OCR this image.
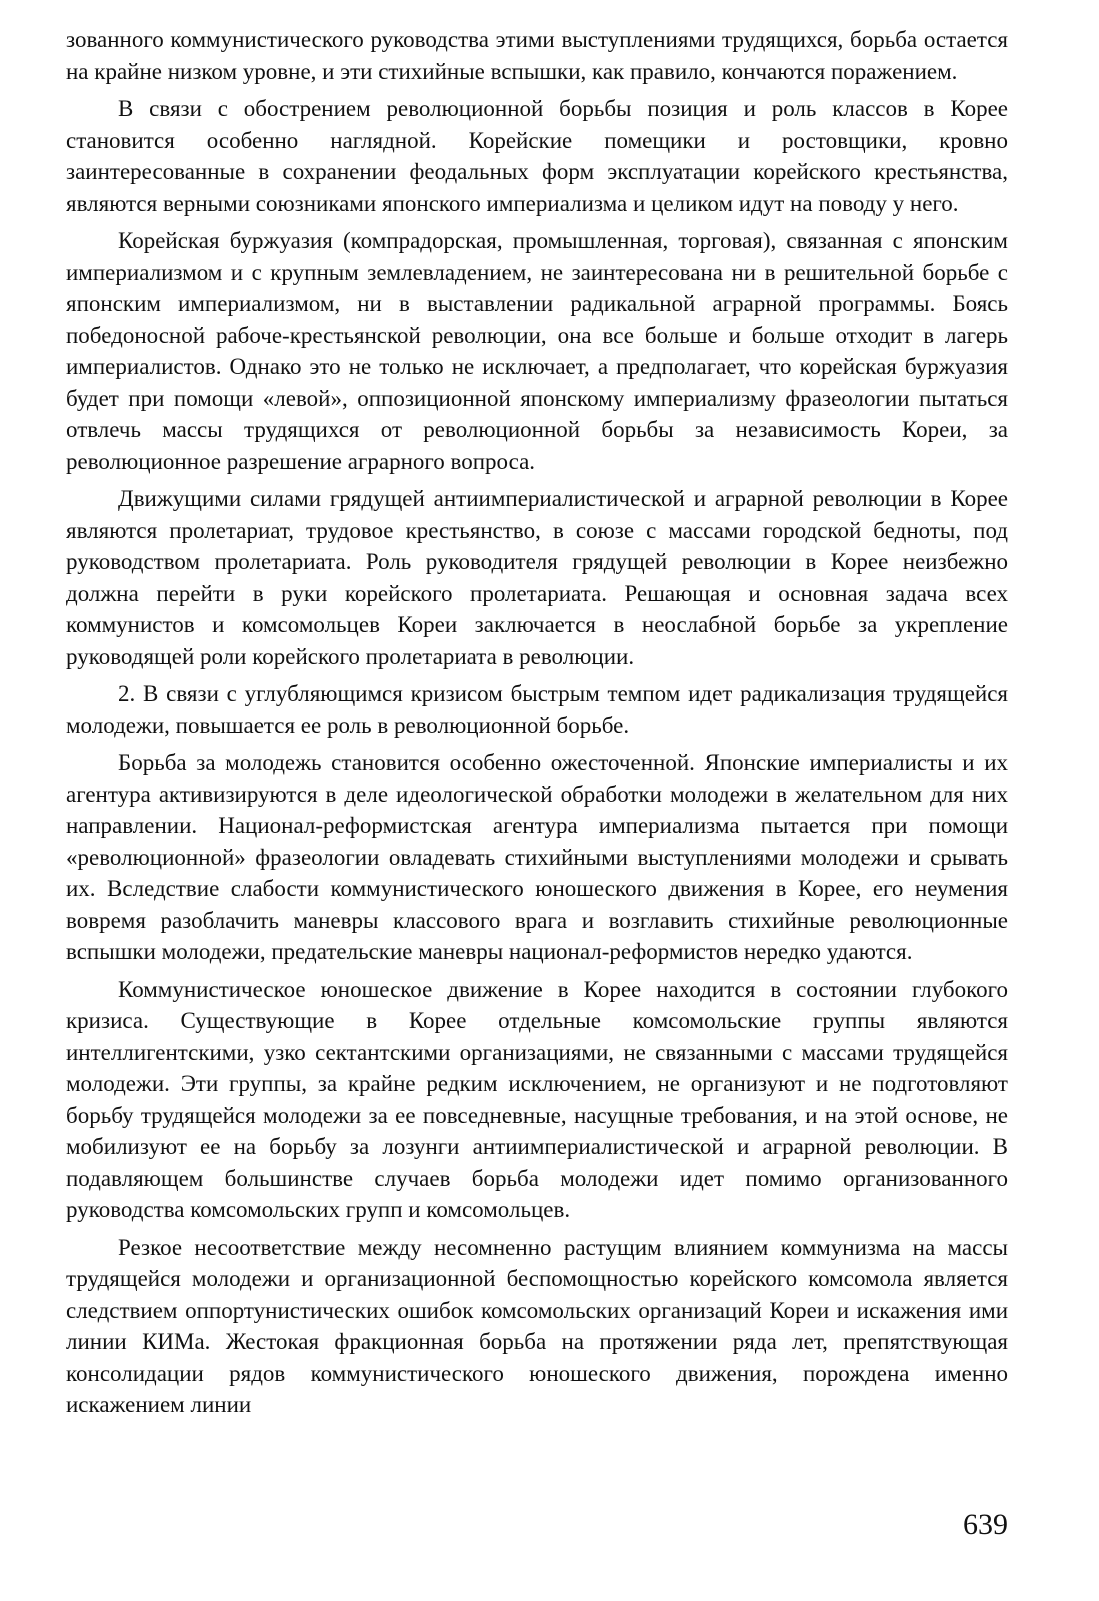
зованного коммунистического руководства этими выступлениями трудящихся, борьба остается на крайне низком уровне, и эти стихийные вспышки, как правило, кончаются поражением.

В связи с обострением революционной борьбы позиция и роль классов в Корее становится особенно наглядной. Корейские помещики и ростовщики, кровно заинтересованные в сохранении феодальных форм эксплуатации корейского крестьянства, являются верными союзниками японского империализма и целиком идут на поводу у него.

Корейская буржуазия (компрадорская, промышленная, торговая), связанная с японским империализмом и с крупным землевладением, не заинтересована ни в решительной борьбе с японским империализмом, ни в выставлении радикальной аграрной программы. Боясь победоносной рабоче-крестьянской революции, она все больше и больше отходит в лагерь империалистов. Однако это не только не исключает, а предполагает, что корейская буржуазия будет при помощи «левой», оппозиционной японскому империализму фразеологии пытаться отвлечь массы трудящихся от революционной борьбы за независимость Кореи, за революционное разрешение аграрного вопроса.

Движущими силами грядущей антиимпериалистической и аграрной революции в Корее являются пролетариат, трудовое крестьянство, в союзе с массами городской бедноты, под руководством пролетариата. Роль руководителя грядущей революции в Корее неизбежно должна перейти в руки корейского пролетариата. Решающая и основная задача всех коммунистов и комсомольцев Кореи заключается в неослабной борьбе за укрепление руководящей роли корейского пролетариата в революции.

2. В связи с углубляющимся кризисом быстрым темпом идет радикализация трудящейся молодежи, повышается ее роль в революционной борьбе.

Борьба за молодежь становится особенно ожесточенной. Японские империалисты и их агентура активизируются в деле идеологической обработки молодежи в желательном для них направлении. Национал-реформистская агентура империализма пытается при помощи «революционной» фразеологии овладевать стихийными выступлениями молодежи и срывать их. Вследствие слабости коммунистического юношеского движения в Корее, его неумения вовремя разоблачить маневры классового врага и возглавить стихийные революционные вспышки молодежи, предательские маневры национал-реформистов нередко удаются.

Коммунистическое юношеское движение в Корее находится в состоянии глубокого кризиса. Существующие в Корее отдельные комсомольские группы являются интеллигентскими, узко сектантскими организациями, не связанными с массами трудящейся молодежи. Эти группы, за крайне редким исключением, не организуют и не подготовляют борьбу трудящейся молодежи за ее повседневные, насущные требования, и на этой основе, не мобилизуют ее на борьбу за лозунги антиимпериалистической и аграрной революции. В подавляющем большинстве случаев борьба молодежи идет помимо организованного руководства комсомольских групп и комсомольцев.

Резкое несоответствие между несомненно растущим влиянием коммунизма на массы трудящейся молодежи и организационной беспомощностью корейского комсомола является следствием оппортунистических ошибок комсомольских организаций Кореи и искажения ими линии КИМа. Жестокая фракционная борьба на протяжении ряда лет, препятствующая консолидации рядов коммунистического юношеского движения, порождена именно искажением линии

639
